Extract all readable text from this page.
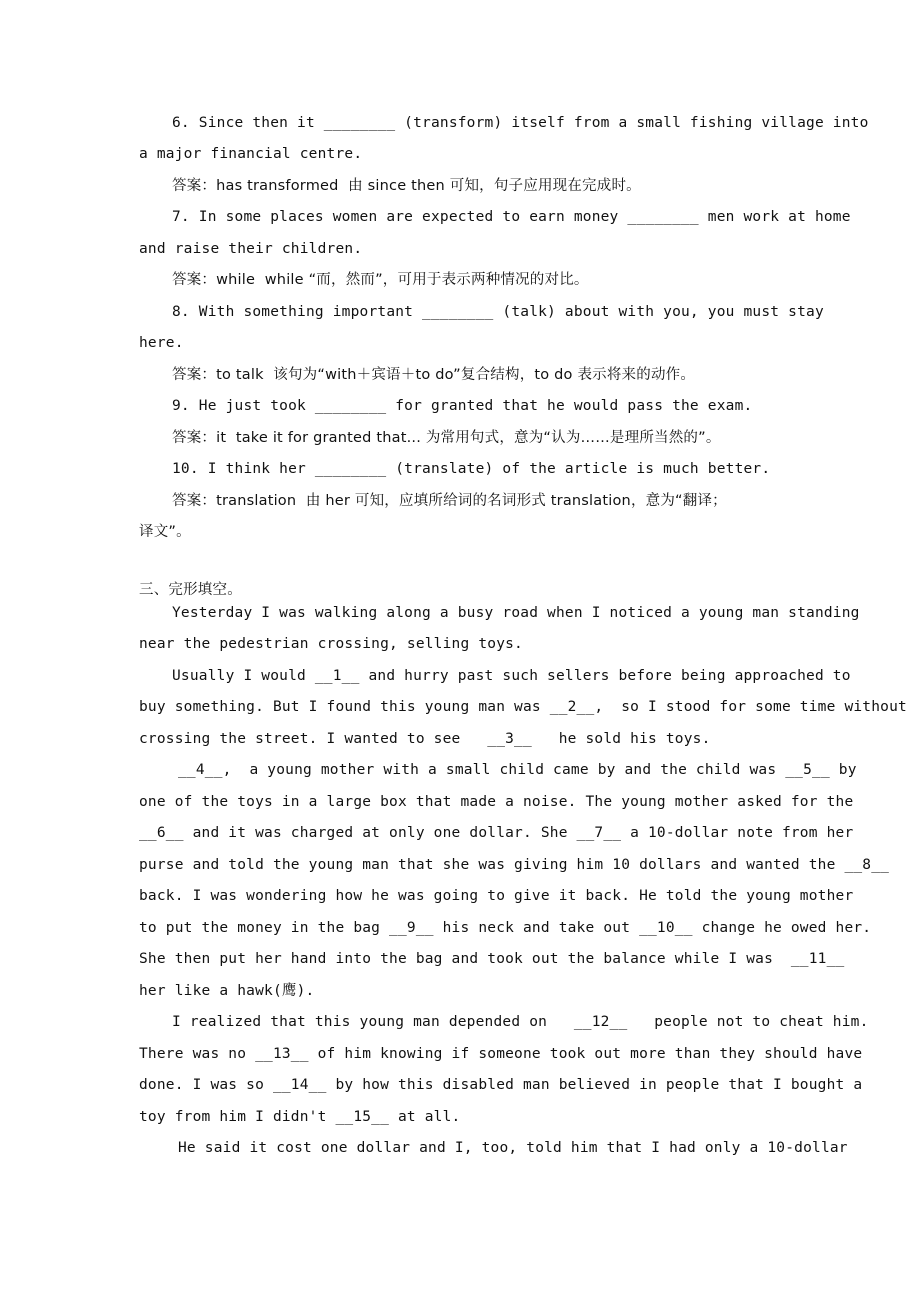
6. Since then it ________ (transform) itself from a small fishing village into
a major financial centre.
答案：has transformed  由 since then 可知，句子应用现在完成时。
7. In some places women are expected to earn money ________ men work at home
and raise their children.
答案：while  while “而，然而”，可用于表示两种情况的对比。
8. With something important ________ (talk) about with you, you must stay
here.
答案：to talk  该句为“with＋宾语＋to do”复合结构，to do 表示将来的动作。
9. He just took ________ for granted that he would pass the exam.
答案：it  take it for granted that... 为常用句式，意为“认为……是理所当然的”。
10. I think her ________ (translate) of the article is much better.
答案：translation  由 her 可知，应填所给词的名词形式 translation，意为“翻译；
译文”。
三、完形填空。
Yesterday I was walking along a busy road when I noticed a young man standing
near the pedestrian crossing, selling toys.
Usually I would __1__ and hurry past such sellers before being approached to
buy something. But I found this young man was __2__,  so I stood for some time without
crossing the street. I wanted to see   __3__   he sold his toys.
__4__,  a young mother with a small child came by and the child was __5__ by
one of the toys in a large box that made a noise. The young mother asked for the
__6__ and it was charged at only one dollar. She __7__ a 10-dollar note from her
purse and told the young man that she was giving him 10 dollars and wanted the __8__
back. I was wondering how he was going to give it back. He told the young mother
to put the money in the bag __9__ his neck and take out __10__ change he owed her.
She then put her hand into the bag and took out the balance while I was  __11__
her like a hawk(鹰).
I realized that this young man depended on   __12__   people not to cheat him.
There was no __13__ of him knowing if someone took out more than they should have
done. I was so __14__ by how this disabled man believed in people that I bought a
toy from him I didn't __15__ at all.
He said it cost one dollar and I, too, told him that I had only a 10-dollar
